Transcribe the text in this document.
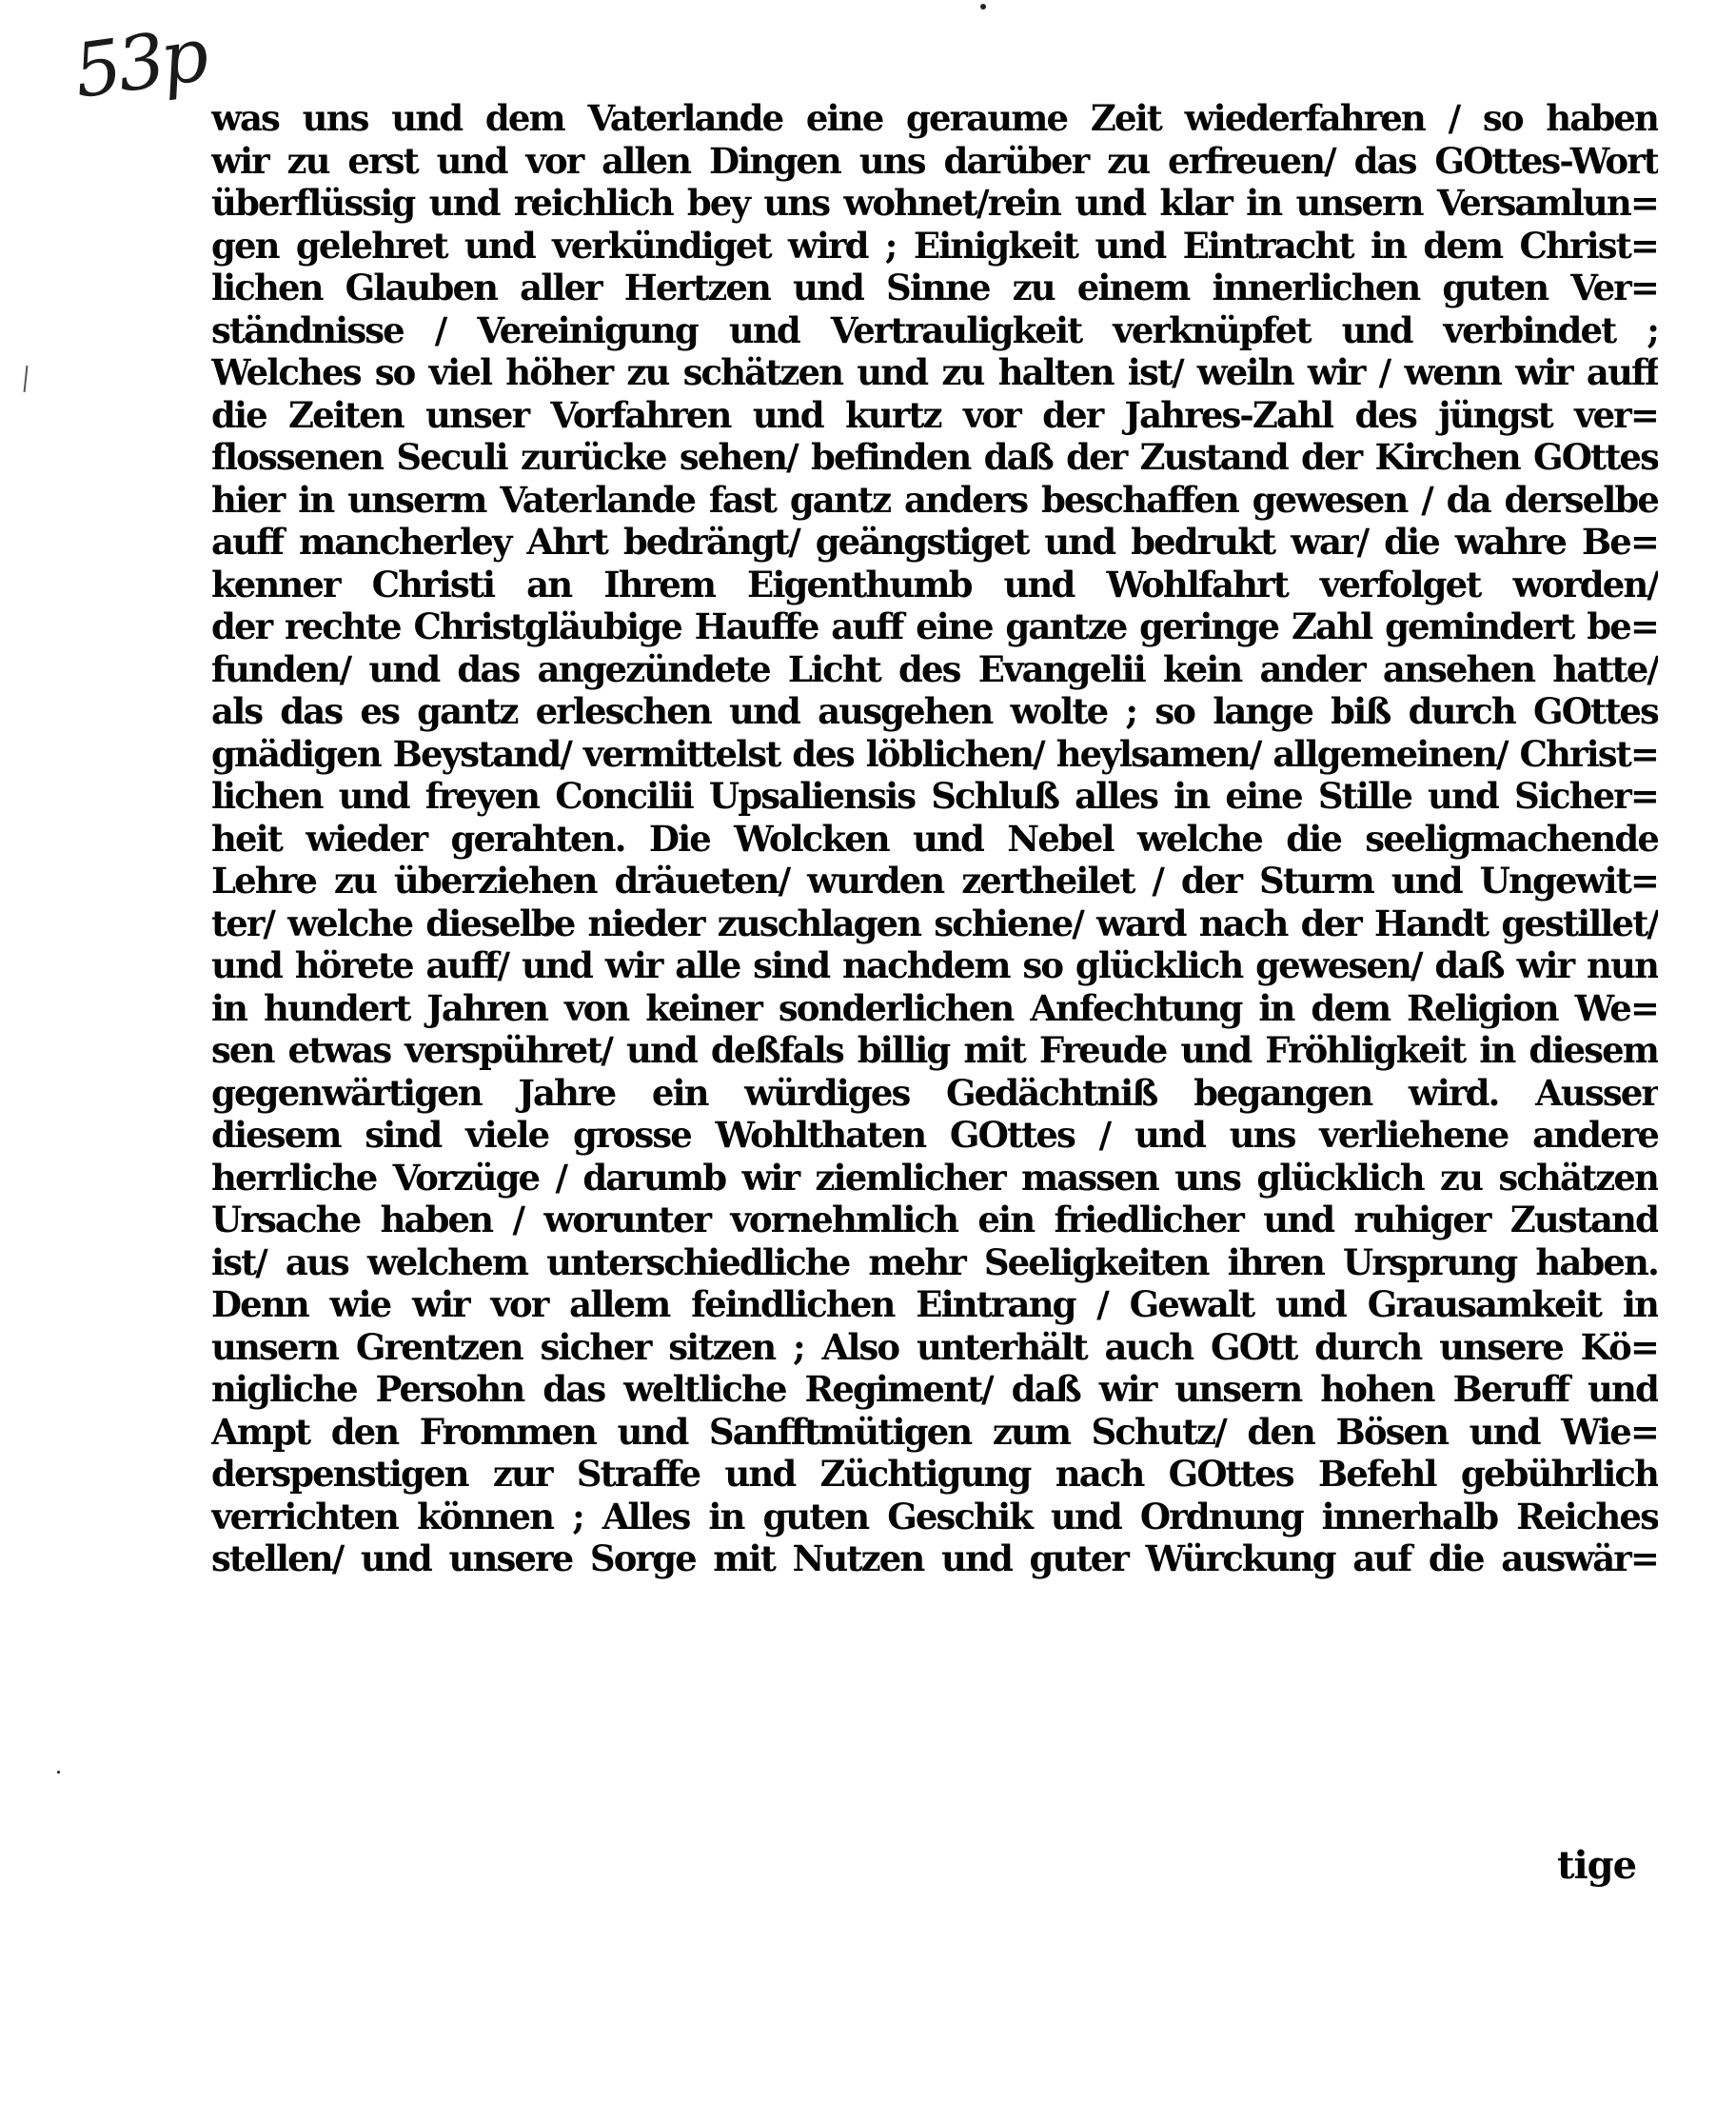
53p
was uns und dem Vaterlande eine geraume Zeit wiederfahren / so haben
wir zu erst und vor allen Dingen uns darüber zu erfreuen/ das GOttes-Wort
überflüssig und reichlich bey uns wohnet/rein und klar in unsern Versamlun=
gen gelehret und verkündiget wird ; Einigkeit und Eintracht in dem Christ=
lichen Glauben aller Hertzen und Sinne zu einem innerlichen guten Ver=
ständnisse / Vereinigung und Vertrauligkeit verknüpfet und verbindet ;
Welches so viel höher zu schätzen und zu halten ist/ weiln wir / wenn wir auff
die Zeiten unser Vorfahren und kurtz vor der Jahres-Zahl des jüngst ver=
flossenen Seculi zurücke sehen/ befinden daß der Zustand der Kirchen GOttes
hier in unserm Vaterlande fast gantz anders beschaffen gewesen / da derselbe
auff mancherley Ahrt bedrängt/ geängstiget und bedrukt war/ die wahre Be=
kenner Christi an Ihrem Eigenthumb und Wohlfahrt verfolget worden/
der rechte Christgläubige Hauffe auff eine gantze geringe Zahl gemindert be=
funden/ und das angezündete Licht des Evangelii kein ander ansehen hatte/
als das es gantz erleschen und ausgehen wolte ; so lange biß durch GOttes
gnädigen Beystand/ vermittelst des löblichen/ heylsamen/ allgemeinen/ Christ=
lichen und freyen Concilii Upsaliensis Schluß alles in eine Stille und Sicher=
heit wieder gerahten. Die Wolcken und Nebel welche die seeligmachende
Lehre zu überziehen dräueten/ wurden zertheilet / der Sturm und Ungewit=
ter/ welche dieselbe nieder zuschlagen schiene/ ward nach der Handt gestillet/
und hörete auff/ und wir alle sind nachdem so glücklich gewesen/ daß wir nun
in hundert Jahren von keiner sonderlichen Anfechtung in dem Religion We=
sen etwas verspühret/ und deßfals billig mit Freude und Fröhligkeit in diesem
gegenwärtigen Jahre ein würdiges Gedächtniß begangen wird. Ausser
diesem sind viele grosse Wohlthaten GOttes / und uns verliehene andere
herrliche Vorzüge / darumb wir ziemlicher massen uns glücklich zu schätzen
Ursache haben / worunter vornehmlich ein friedlicher und ruhiger Zustand
ist/ aus welchem unterschiedliche mehr Seeligkeiten ihren Ursprung haben.
Denn wie wir vor allem feindlichen Eintrang / Gewalt und Grausamkeit in
unsern Grentzen sicher sitzen ; Also unterhält auch GOtt durch unsere Kö=
nigliche Persohn das weltliche Regiment/ daß wir unsern hohen Beruff und
Ampt den Frommen und Sanfftmütigen zum Schutz/ den Bösen und Wie=
derspenstigen zur Straffe und Züchtigung nach GOttes Befehl gebührlich
verrichten können ; Alles in guten Geschik und Ordnung innerhalb Reiches
stellen/ und unsere Sorge mit Nutzen und guter Würckung auf die auswär=
tige
